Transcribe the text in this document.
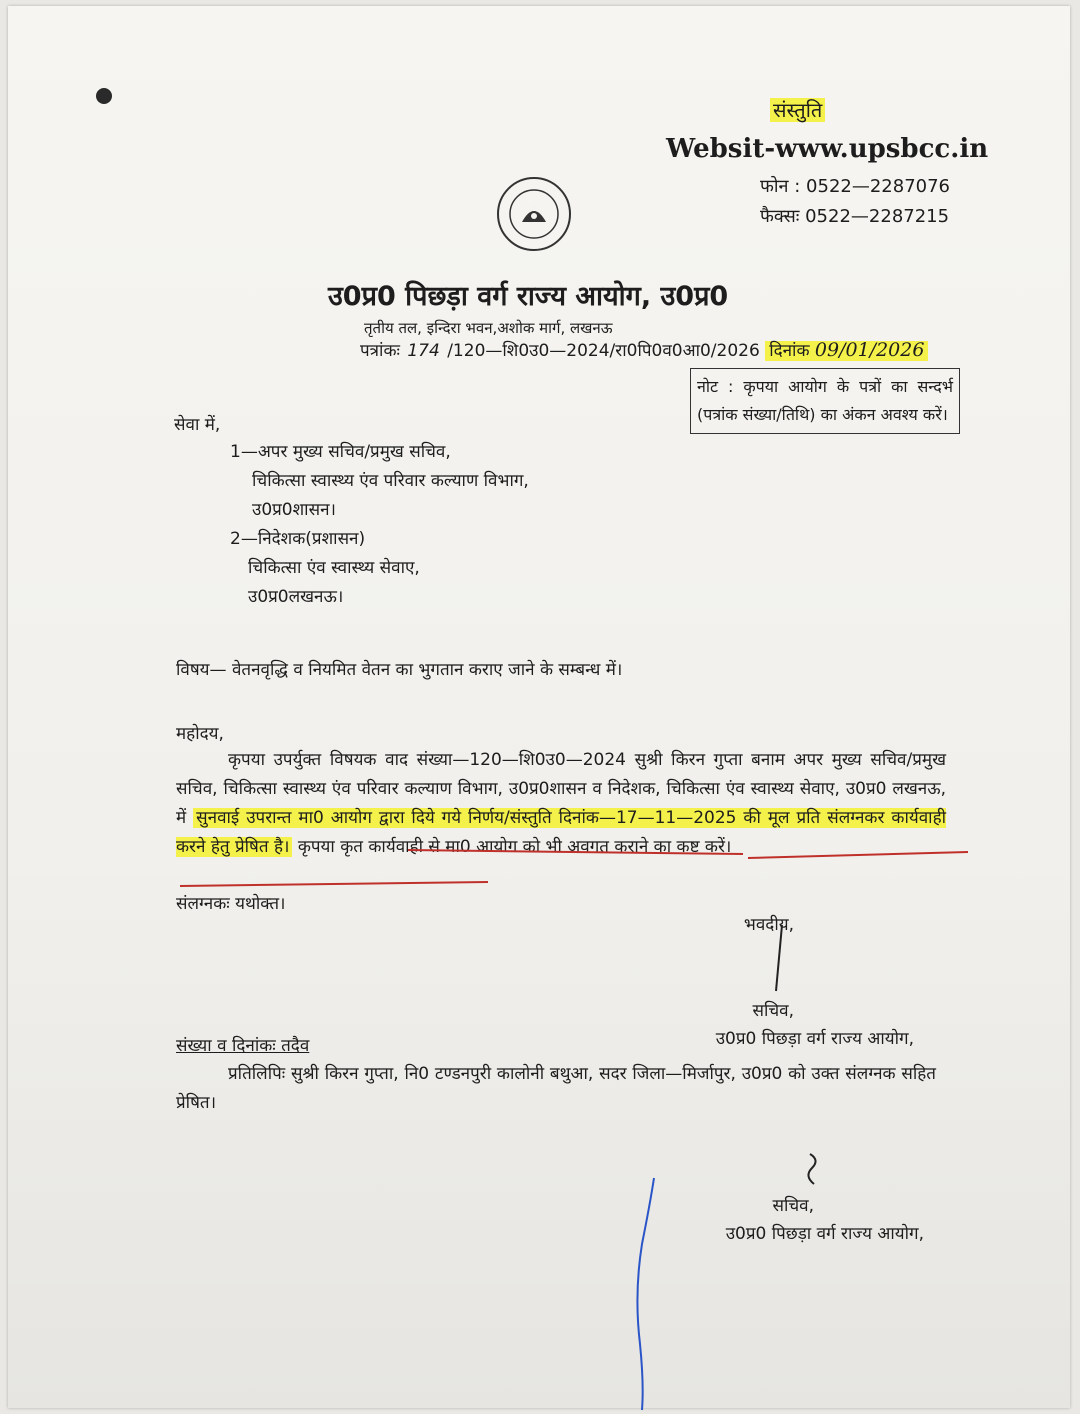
संस्तुति
Websit-www.upsbcc.in
फोन : 0522—2287076
फैक्सः 0522—2287215
उ0प्र0 पिछड़ा वर्ग राज्य आयोग, उ0प्र0
तृतीय तल, इन्दिरा भवन,अशोक मार्ग, लखनऊ
पत्रांकः 174 /120—शि0उ0—2024/रा0पि0व0आ0/2026 दिनांक 09/01/2026
नोट : कृपया आयोग के पत्रों का सन्दर्भ (पत्रांक संख्या/तिथि) का अंकन अवश्य करें।
सेवा में,
1—अपर मुख्य सचिव/प्रमुख सचिव,
चिकित्सा स्वास्थ्य एंव परिवार कल्याण विभाग,
उ0प्र0शासन।
2—निदेशक(प्रशासन)
चिकित्सा एंव स्वास्थ्य सेवाए,
उ0प्र0लखनऊ।
विषय— वेतनवृद्धि व नियमित वेतन का भुगतान कराए जाने के सम्बन्ध में।
महोदय,

कृपया उपर्युक्त विषयक वाद संख्या—120—शि0उ0—2024 सुश्री किरन गुप्ता बनाम अपर मुख्य सचिव/प्रमुख सचिव, चिकित्सा स्वास्थ्य एंव परिवार कल्याण विभाग, उ0प्र0शासन व निदेशक, चिकित्सा एंव स्वास्थ्य सेवाए, उ0प्र0 लखनऊ, में सुनवाई उपरान्त मा0 आयोग द्वारा दिये गये निर्णय/संस्तुति दिनांक—17—11—2025 की मूल प्रति संलग्नकर कार्यवाही करने हेतु प्रेषित है। कृपया कृत कार्यवाही से मा0 आयोग को भी अवगत कराने का कष्ट करें।

संलग्नकः यथोक्त।
भवदीय,
सचिव,
उ0प्र0 पिछड़ा वर्ग राज्य आयोग,
संख्या व दिनांकः तदैव

प्रतिलिपिः सुश्री किरन गुप्ता, नि0 टण्डनपुरी कालोनी बथुआ, सदर जिला—मिर्जापुर, उ0प्र0 को उक्त संलग्नक सहित प्रेषित।

सचिव,
उ0प्र0 पिछड़ा वर्ग राज्य आयोग,
